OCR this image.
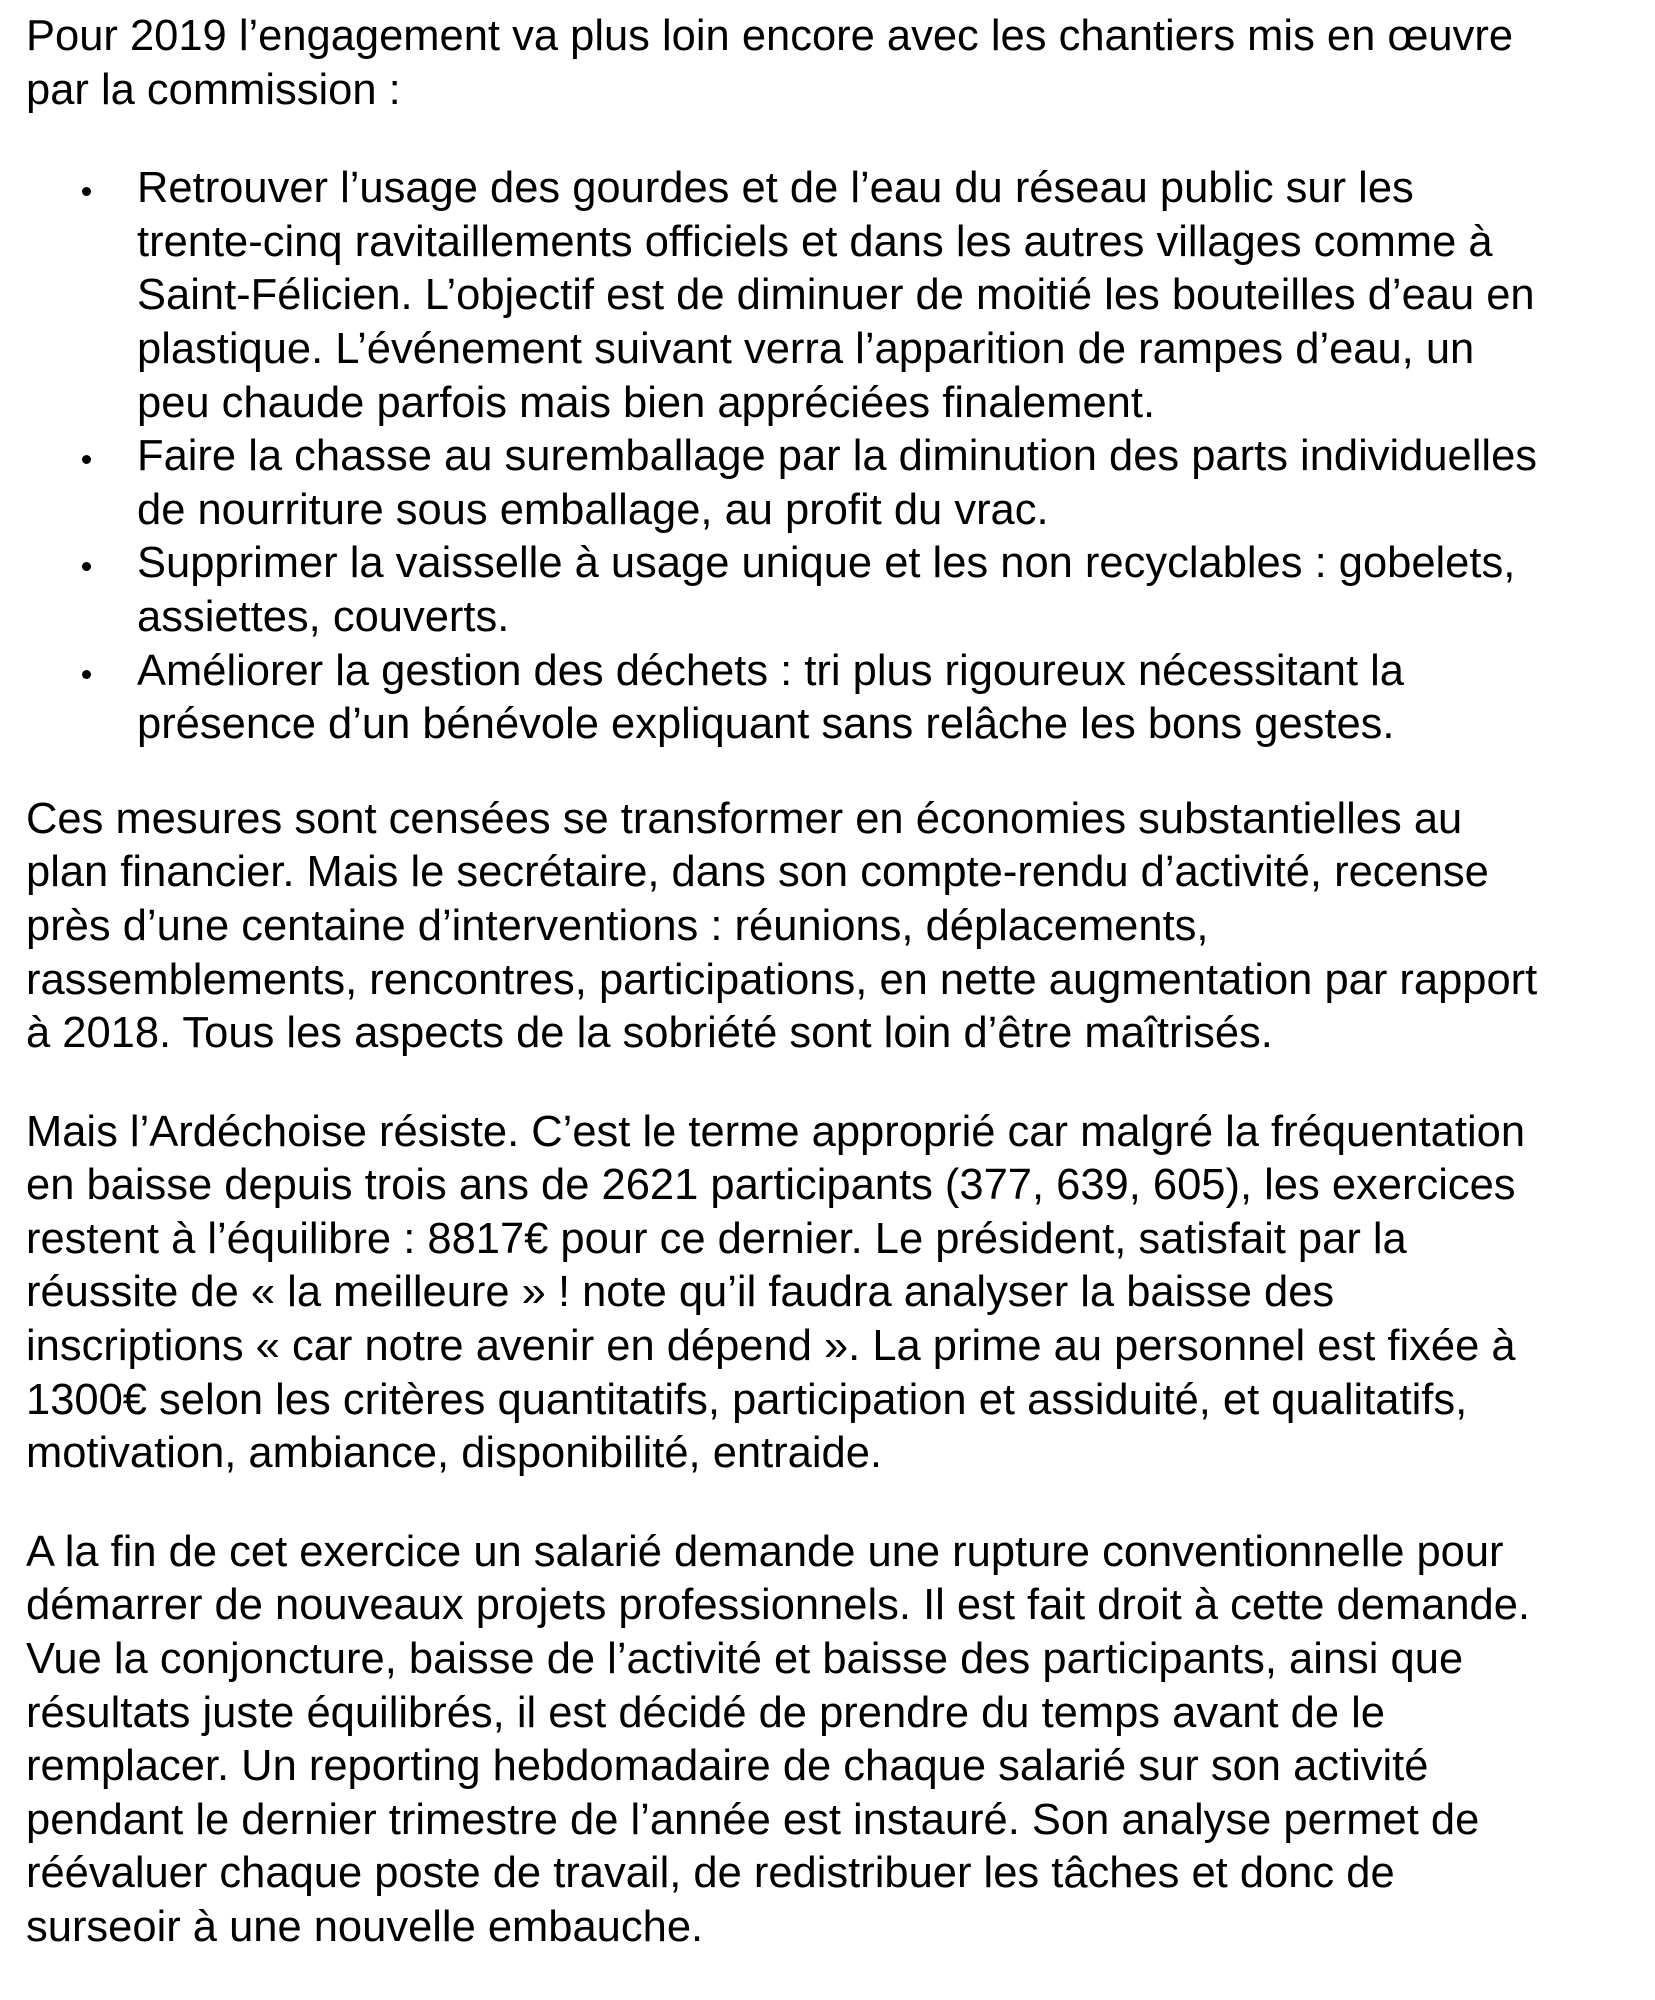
Pour 2019 l’engagement va plus loin encore avec les chantiers mis en œuvre
par la commission :

Retrouver l’usage des gourdes et de l’eau du réseau public sur les
trente-cinq ravitaillements officiels et dans les autres villages comme à
Saint-Félicien. L’objectif est de diminuer de moitié les bouteilles d’eau en
plastique. L’événement suivant verra l’apparition de rampes d’eau, un
peu chaude parfois mais bien appréciées finalement.
Faire la chasse au suremballage par la diminution des parts individuelles
de nourriture sous emballage, au profit du vrac.
Supprimer la vaisselle à usage unique et les non recyclables : gobelets,
assiettes, couverts.
Améliorer la gestion des déchets : tri plus rigoureux nécessitant la
présence d’un bénévole expliquant sans relâche les bons gestes.

Ces mesures sont censées se transformer en économies substantielles au
plan financier. Mais le secrétaire, dans son compte-rendu d’activité, recense
près d’une centaine d’interventions : réunions, déplacements,
rassemblements, rencontres, participations, en nette augmentation par rapport
à 2018. Tous les aspects de la sobriété sont loin d’être maîtrisés.

Mais l’Ardéchoise résiste. C’est le terme approprié car malgré la fréquentation
en baisse depuis trois ans de 2621 participants (377, 639, 605), les exercices
restent à l’équilibre : 8817€ pour ce dernier. Le président, satisfait par la
réussite de « la meilleure » ! note qu’il faudra analyser la baisse des
inscriptions « car notre avenir en dépend ». La prime au personnel est fixée à
1300€ selon les critères quantitatifs, participation et assiduité, et qualitatifs,
motivation, ambiance, disponibilité, entraide.

A la fin de cet exercice un salarié demande une rupture conventionnelle pour
démarrer de nouveaux projets professionnels. Il est fait droit à cette demande.
Vue la conjoncture, baisse de l’activité et baisse des participants, ainsi que
résultats juste équilibrés, il est décidé de prendre du temps avant de le
remplacer. Un reporting hebdomadaire de chaque salarié sur son activité
pendant le dernier trimestre de l’année est instauré. Son analyse permet de
réévaluer chaque poste de travail, de redistribuer les tâches et donc de
surseoir à une nouvelle embauche.
